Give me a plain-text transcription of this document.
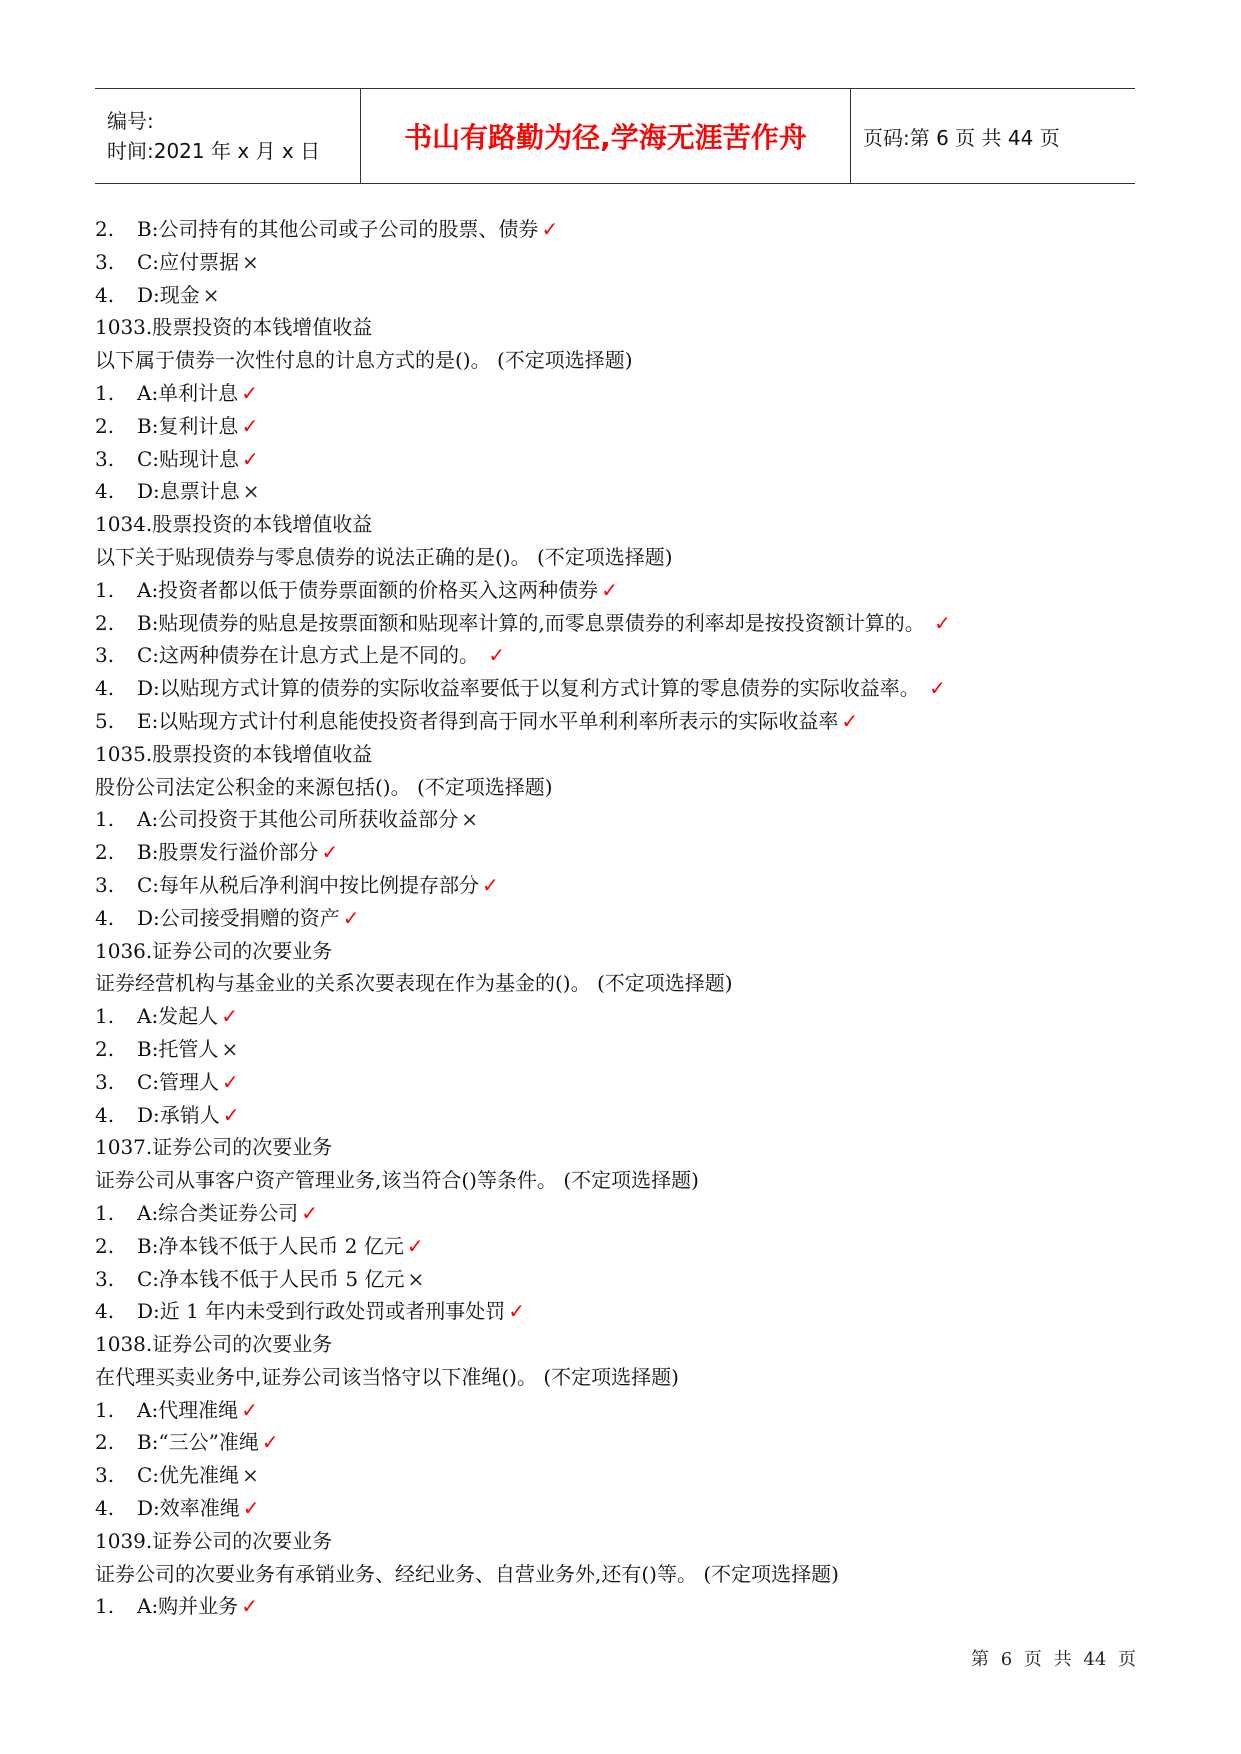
编号:
时间:2021 年 x 月 x 日	书山有路勤为径,学海无涯苦作舟	页码:第 6 页 共 44 页
2. B:公司持有的其他公司或子公司的股票、债券 ✓
3. C:应付票据 ×
4. D:现金 ×
1033.股票投资的本钱增值收益
以下属于债券一次性付息的计息方式的是()。 (不定项选择题)
1. A:单利计息 ✓
2. B:复利计息 ✓
3. C:贴现计息 ✓
4. D:息票计息 ×
1034.股票投资的本钱增值收益
以下关于贴现债券与零息债券的说法正确的是()。 (不定项选择题)
1. A:投资者都以低于债券票面额的价格买入这两种债券 ✓
2. B:贴现债券的贴息是按票面额和贴现率计算的,而零息票债券的利率却是按投资额计算的。 ✓
3. C:这两种债券在计息方式上是不同的。 ✓
4. D:以贴现方式计算的债券的实际收益率要低于以复利方式计算的零息债券的实际收益率。 ✓
5. E:以贴现方式计付利息能使投资者得到高于同水平单利利率所表示的实际收益率 ✓
1035.股票投资的本钱增值收益
股份公司法定公积金的来源包括()。 (不定项选择题)
1. A:公司投资于其他公司所获收益部分 ×
2. B:股票发行溢价部分 ✓
3. C:每年从税后净利润中按比例提存部分 ✓
4. D:公司接受捐赠的资产 ✓
1036.证券公司的次要业务
证券经营机构与基金业的关系次要表现在作为基金的()。 (不定项选择题)
1. A:发起人 ✓
2. B:托管人 ×
3. C:管理人 ✓
4. D:承销人 ✓
1037.证券公司的次要业务
证券公司从事客户资产管理业务,该当符合()等条件。 (不定项选择题)
1. A:综合类证券公司 ✓
2. B:净本钱不低于人民币 2 亿元 ✓
3. C:净本钱不低于人民币 5 亿元 ×
4. D:近 1 年内未受到行政处罚或者刑事处罚 ✓
1038.证券公司的次要业务
在代理买卖业务中,证券公司该当恪守以下准绳()。 (不定项选择题)
1. A:代理准绳 ✓
2. B:“三公”准绳 ✓
3. C:优先准绳 ×
4. D:效率准绳 ✓
1039.证券公司的次要业务
证券公司的次要业务有承销业务、经纪业务、自营业务外,还有()等。 (不定项选择题)
1. A:购并业务 ✓
第 6 页 共 44 页
